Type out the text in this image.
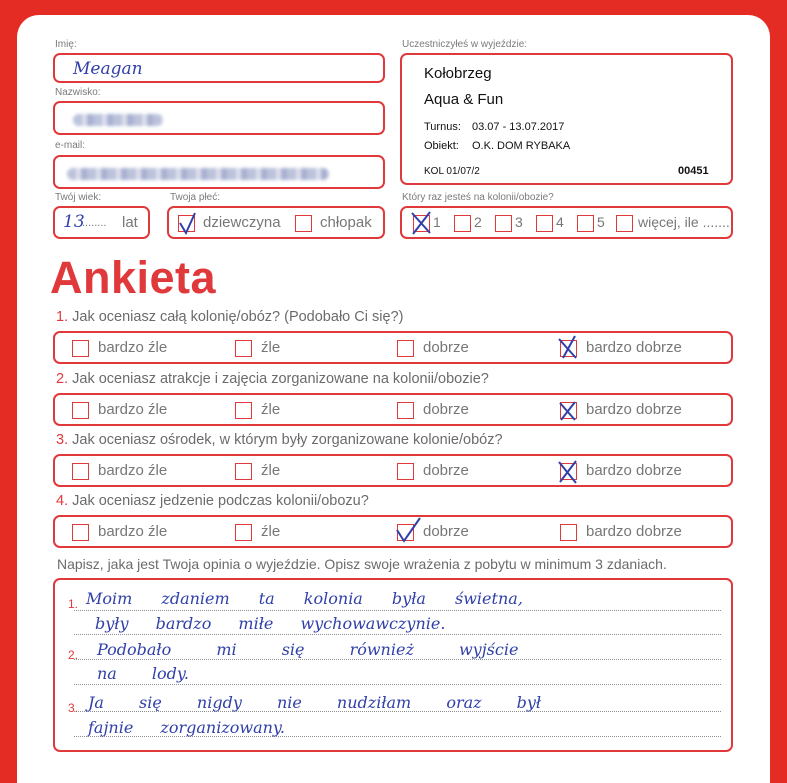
Imię:
Meagan
Nazwisko:
e-mail:
Twój wiek:
13
........ lat
Twoja płeć:
dziewczyna	chłopak
Uczestniczyłeś w wyjeździe:
Kołobrzeg
Aqua & Fun
Turnus: 03.07 - 13.07.2017
Obiekt: O.K. DOM RYBAKA
KOL 01/07/2	00451
Który raz jesteś na kolonii/obozie?
1 2 3 4 5 więcej, ile ........
Ankieta
1. Jak oceniasz całą kolonię/obóz? (Podobało Ci się?)
bardzo źle	źle	dobrze	bardzo dobrze
2. Jak oceniasz atrakcje i zajęcia zorganizowane na kolonii/obozie?
bardzo źle	źle	dobrze	bardzo dobrze
3. Jak oceniasz ośrodek, w którym były zorganizowane kolonie/obóz?
bardzo źle	źle	dobrze	bardzo dobrze
4. Jak oceniasz jedzenie podczas kolonii/obozu?
bardzo źle	źle	dobrze	bardzo dobrze
Napisz, jaka jest Twoja opinia o wyjeździe. Opisz swoje wrażenia z pobytu w minimum 3 zdaniach.
1.
2.
3.
Moim zdaniem ta kolonia była świetna,
były bardzo miłe wychowawczynie.
Podobało mi się również wyjście
na lody.
Ja się nigdy nie nudziłam oraz był
fajnie zorganizowany.
